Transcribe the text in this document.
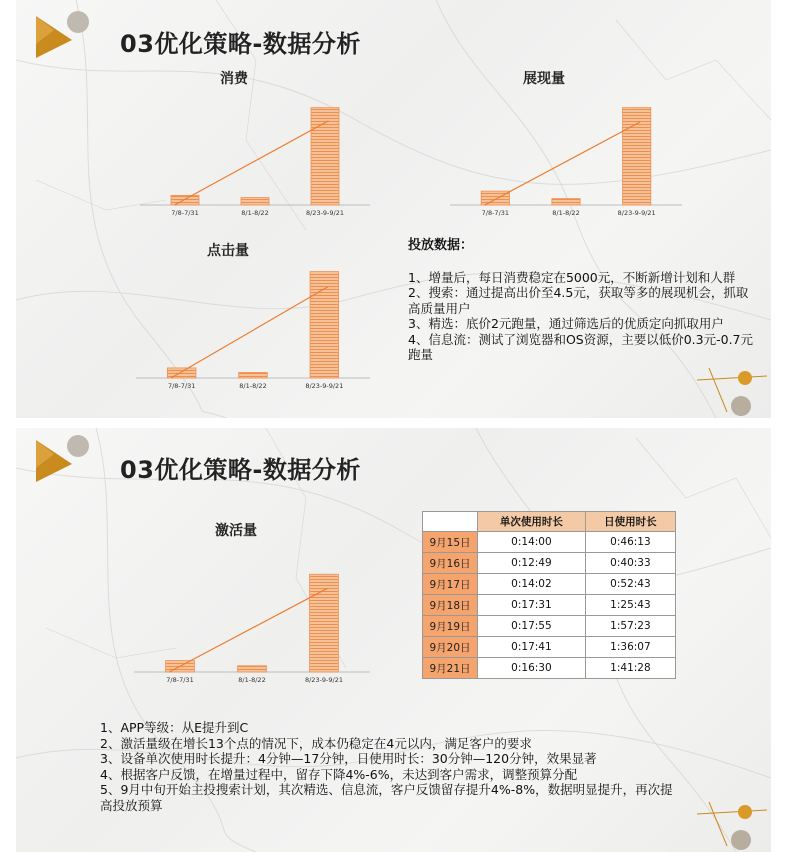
03优化策略-数据分析
消费
7/8-7/31	8/1-8/22	8/23-9-9/21
展现量
7/8-7/31	8/1-8/22	8/23-9-9/21
点击量
7/8-7/31	8/1-8/22	8/23-9-9/21
投放数据：
1、增量后，每日消费稳定在5000元，不断新增计划和人群
2、搜索：通过提高出价至4.5元，获取等多的展现机会，抓取高质量用户
3、精选：底价2元跑量，通过筛选后的优质定向抓取用户
4、信息流：测试了浏览器和OS资源，主要以低价0.3元-0.7元跑量
03优化策略-数据分析
激活量
7/8-7/31	8/1-8/22	8/23-9-9/21
	单次使用时长	日使用时长
9月15日	0:14:00	0:46:13
9月16日	0:12:49	0:40:33
9月17日	0:14:02	0:52:43
9月18日	0:17:31	1:25:43
9月19日	0:17:55	1:57:23
9月20日	0:17:41	1:36:07
9月21日	0:16:30	1:41:28
1、APP等级：从E提升到C
2、激活量级在增长13个点的情况下，成本仍稳定在4元以内，满足客户的要求
3、设备单次使用时长提升：4分钟—17分钟，日使用时长：30分钟—120分钟，效果显著
4、根据客户反馈，在增量过程中，留存下降4%-6%，未达到客户需求，调整预算分配
5、9月中旬开始主投搜索计划，其次精选、信息流，客户反馈留存提升4%-8%，数据明显提升，再次提高投放预算
